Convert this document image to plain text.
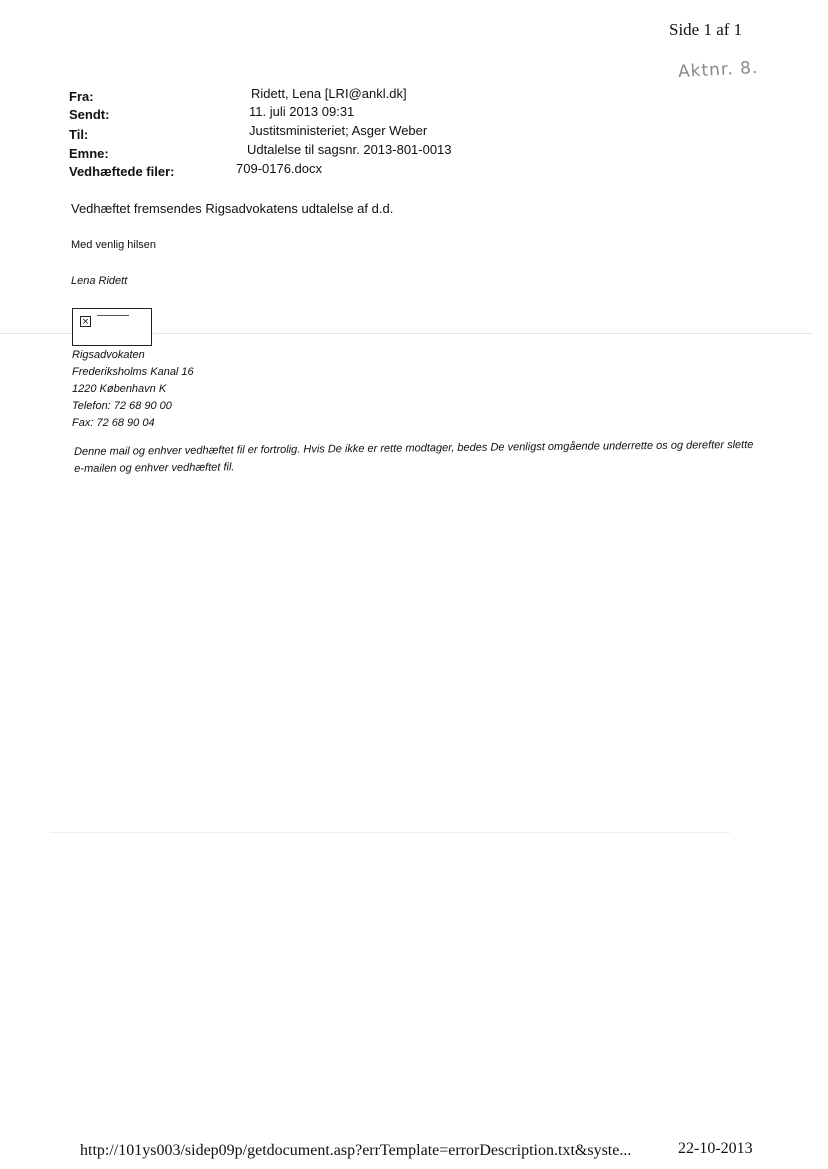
Side 1 af 1
Aktnr. 8.
Fra:	Ridett, Lena [LRI@ankl.dk]
Sendt:	11. juli 2013 09:31
Til:	Justitsministeriet; Asger Weber
Emne:	Udtalelse til sagsnr. 2013-801-0013
Vedhæftede filer:	709-0176.docx
Vedhæftet fremsendes Rigsadvokatens udtalelse af d.d.
Med venlig hilsen
Lena Ridett
×
Rigsadvokaten
Frederiksholms Kanal 16
1220 København K
Telefon: 72 68 90 00
Fax: 72 68 90 04
Denne mail og enhver vedhæftet fil er fortrolig. Hvis De ikke er rette modtager, bedes De venligst omgående underrette os og derefter slette e-mailen og enhver vedhæftet fil.
http://101ys003/sidep09p/getdocument.asp?errTemplate=errorDescription.txt&syste...	22-10-2013
